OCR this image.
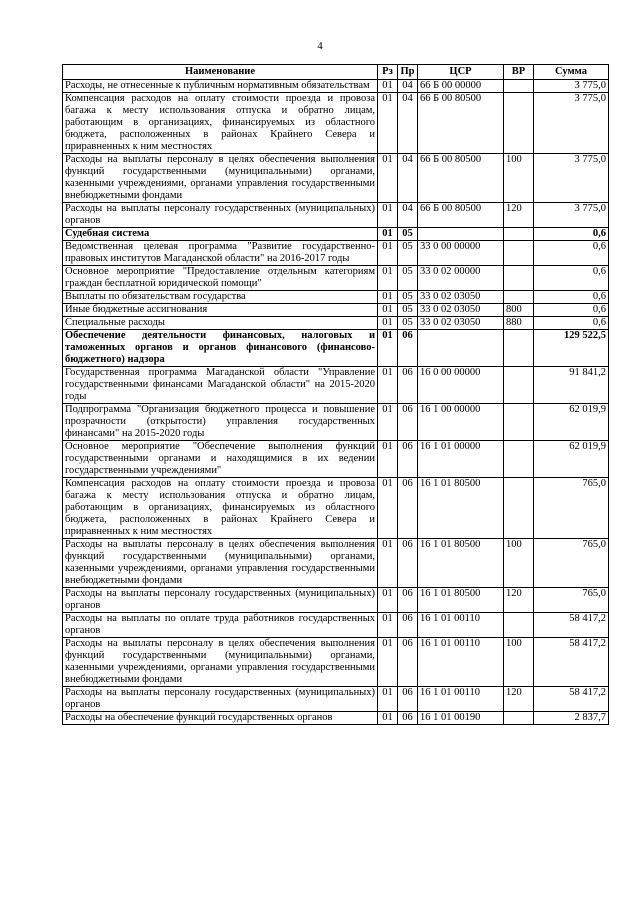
4
Наименование	Рз	Пр	ЦСР	ВР	Сумма
Расходы, не отнесенные к публичным нормативным обязательствам	01	04	66 Б 00 00000		3 775,0
Компенсация расходов на оплату стоимости проезда и провоза багажа к месту использования отпуска и обратно лицам, работающим в организациях, финансируемых из областного бюджета, расположенных в районах Крайнего Севера и приравненных к ним местностях	01	04	66 Б 00 80500		3 775,0
Расходы на выплаты персоналу в целях обеспечения выполнения функций государственными (муниципальными) органами, казенными учреждениями, органами управления государственными внебюджетными фондами	01	04	66 Б 00 80500	100	3 775,0
Расходы на выплаты персоналу государственных (муниципальных) органов	01	04	66 Б 00 80500	120	3 775,0
Судебная система	01	05			0,6
Ведомственная целевая программа "Развитие государственно-правовых институтов Магаданской области" на 2016-2017 годы	01	05	33 0 00 00000		0,6
Основное мероприятие "Предоставление отдельным категориям граждан бесплатной юридической помощи"	01	05	33 0 02 00000		0,6
Выплаты по обязательствам государства	01	05	33 0 02 03050		0,6
Иные бюджетные ассигнования	01	05	33 0 02 03050	800	0,6
Специальные расходы	01	05	33 0 02 03050	880	0,6
Обеспечение деятельности финансовых, налоговых и таможенных органов и органов финансового (финансово-бюджетного) надзора	01	06			129 522,5
Государственная программа Магаданской области "Управление государственными финансами Магаданской области" на 2015-2020 годы	01	06	16 0 00 00000		91 841,2
Подпрограмма "Организация бюджетного процесса и повышение прозрачности (открытости) управления государственных финансами" на 2015-2020 годы	01	06	16 1 00 00000		62 019,9
Основное мероприятие "Обеспечение выполнения функций государственными органами и находящимися в их ведении государственными учреждениями"	01	06	16 1 01 00000		62 019,9
Компенсация расходов на оплату стоимости проезда и провоза багажа к месту использования отпуска и обратно лицам, работающим в организациях, финансируемых из областного бюджета, расположенных в районах Крайнего Севера и приравненных к ним местностях	01	06	16 1 01 80500		765,0
Расходы на выплаты персоналу в целях обеспечения выполнения функций государственными (муниципальными) органами, казенными учреждениями, органами управления государственными внебюджетными фондами	01	06	16 1 01 80500	100	765,0
Расходы на выплаты персоналу государственных (муниципальных) органов	01	06	16 1 01 80500	120	765,0
Расходы на выплаты по оплате труда работников государственных органов	01	06	16 1 01 00110		58 417,2
Расходы на выплаты персоналу в целях обеспечения выполнения функций государственными (муниципальными) органами, казенными учреждениями, органами управления государственными внебюджетными фондами	01	06	16 1 01 00110	100	58 417,2
Расходы на выплаты персоналу государственных (муниципальных) органов	01	06	16 1 01 00110	120	58 417,2
Расходы на обеспечение функций государственных органов	01	06	16 1 01 00190		2 837,7
